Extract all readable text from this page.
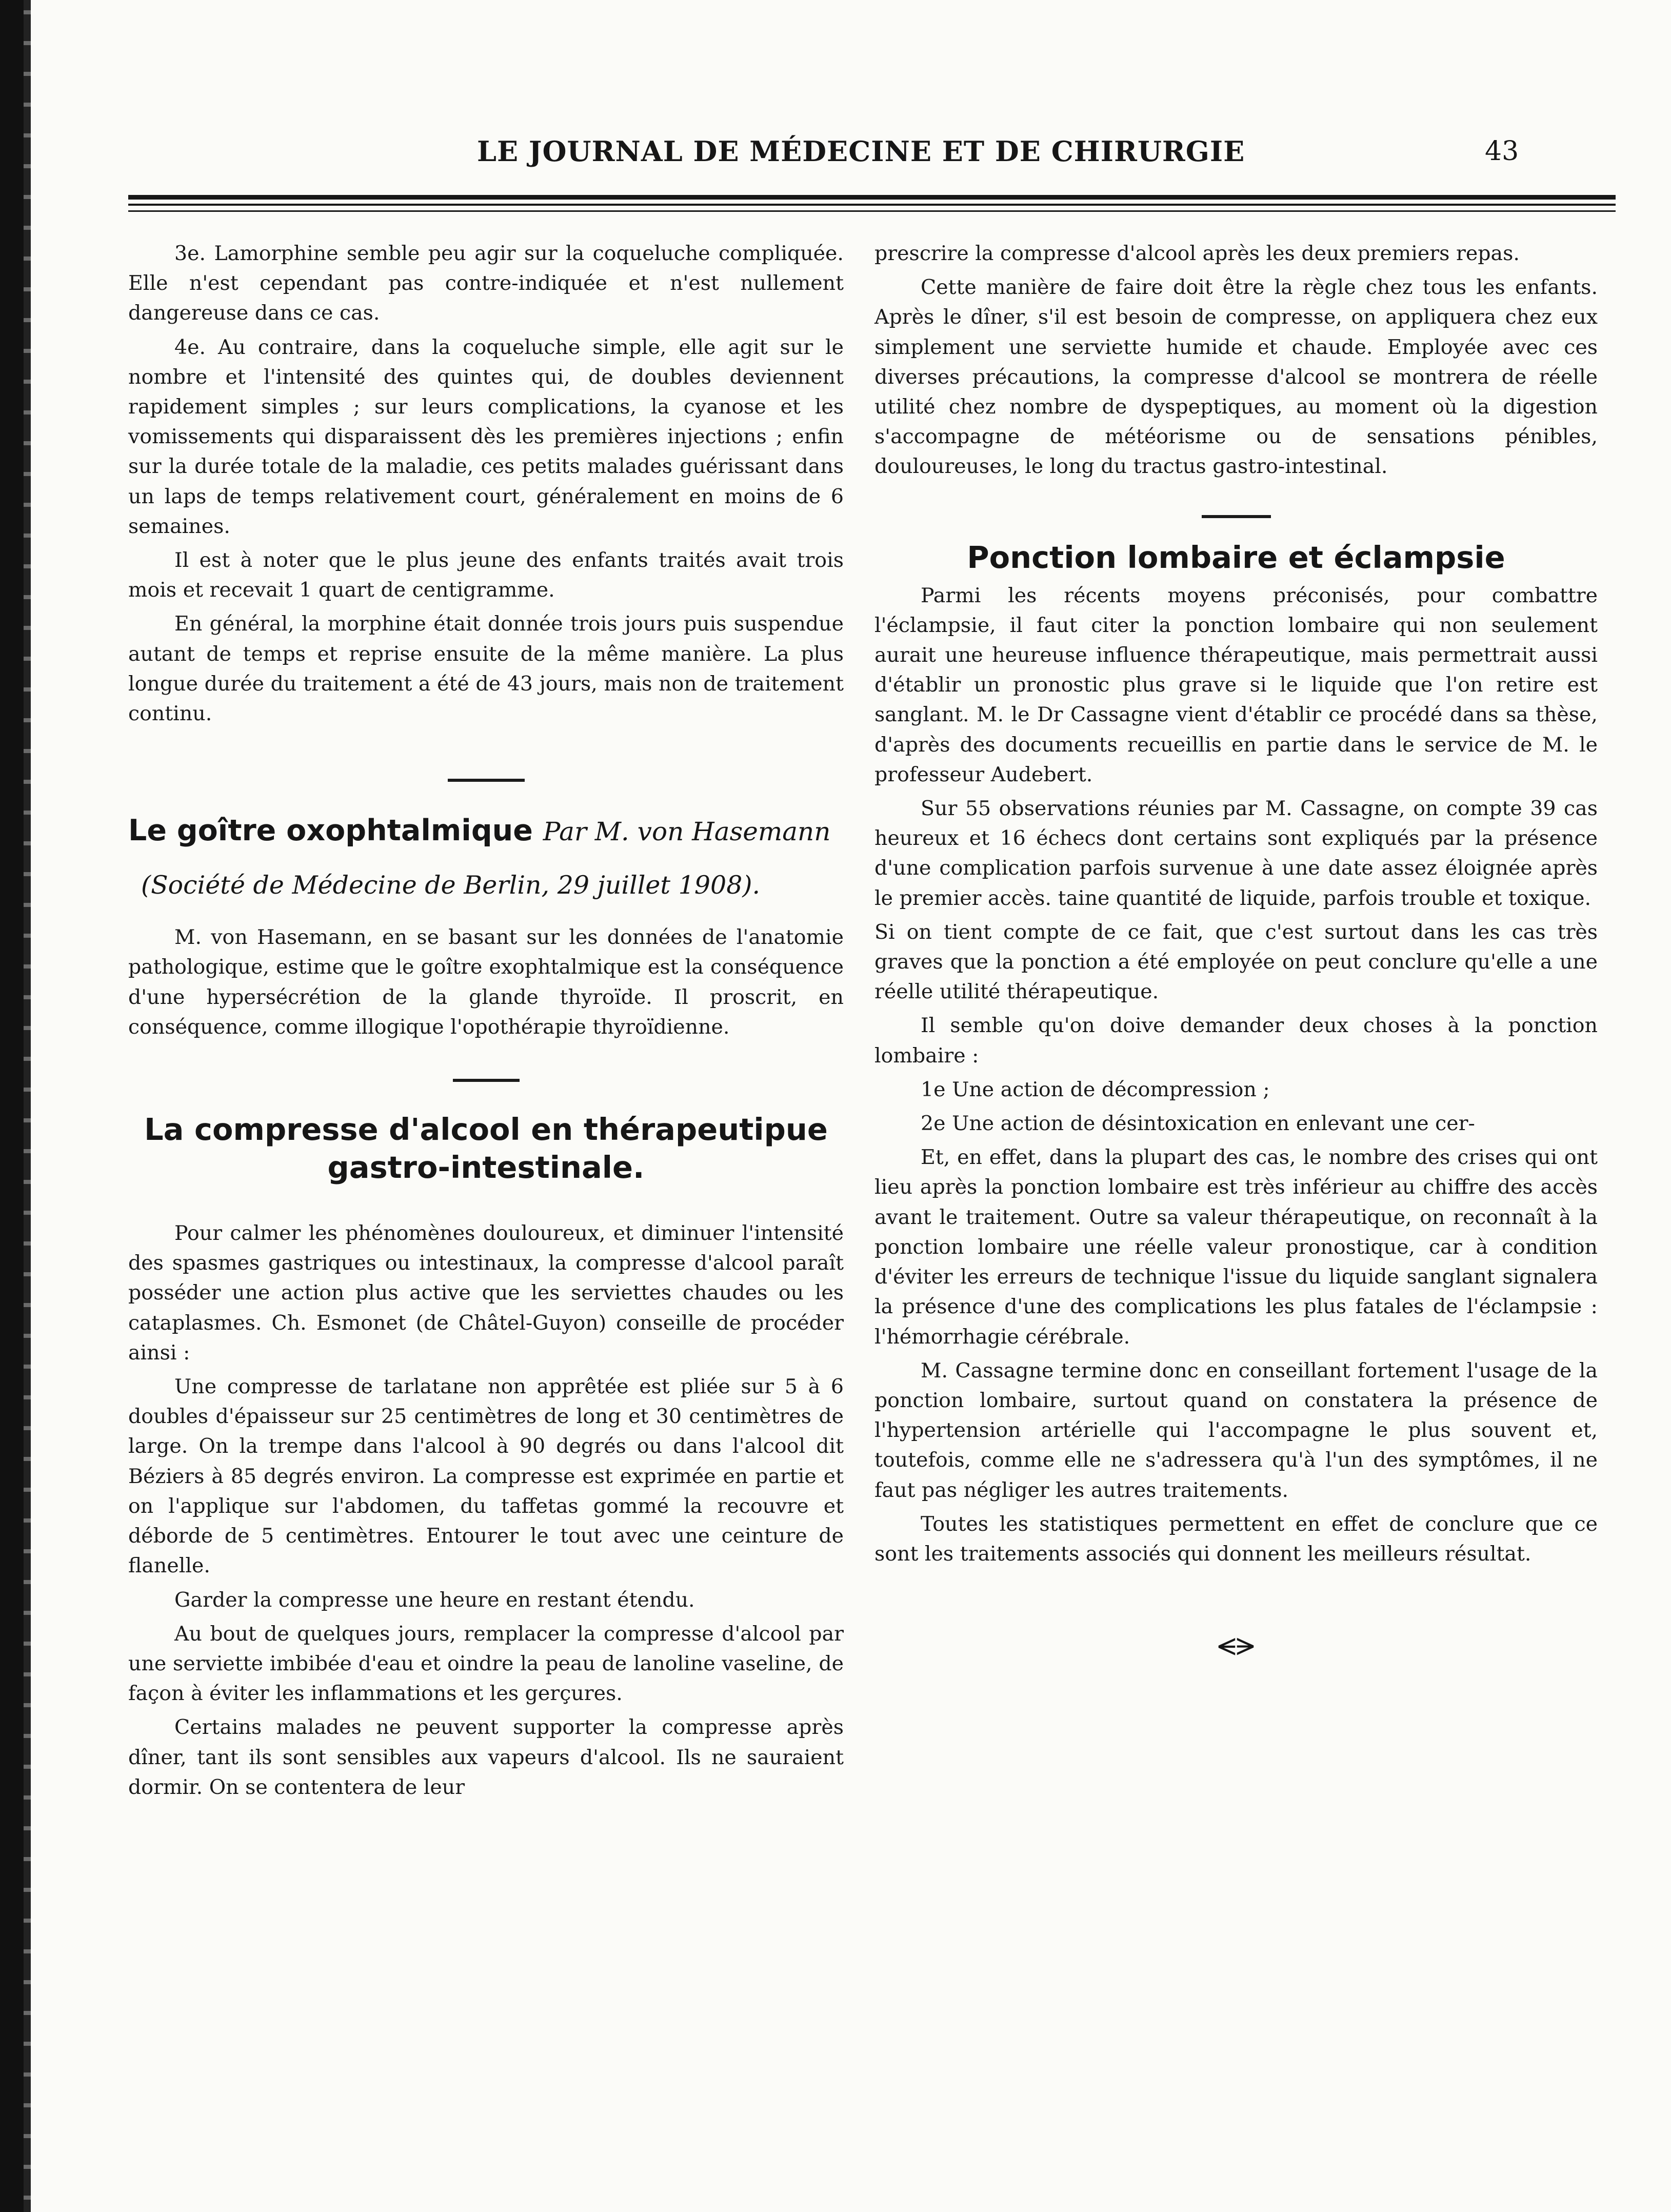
LE JOURNAL DE MÉDECINE ET DE CHIRURGIE	43

3e. Lamorphine semble peu agir sur la coqueluche compliquée. Elle n'est cependant pas contre-indiquée et n'est nullement dangereuse dans ce cas.

4e. Au contraire, dans la coqueluche simple, elle agit sur le nombre et l'intensité des quintes qui, de doubles deviennent rapidement simples ; sur leurs complications, la cyanose et les vomissements qui disparaissent dès les premières injections ; enfin sur la durée totale de la maladie, ces petits malades guérissant dans un laps de temps relativement court, généralement en moins de 6 semaines.

Il est à noter que le plus jeune des enfants traités avait trois mois et recevait 1 quart de centigramme.

En général, la morphine était donnée trois jours puis suspendue autant de temps et reprise ensuite de la même manière. La plus longue durée du traitement a été de 43 jours, mais non de traitement continu.

Le goître oxophtalmique Par M. von Hasemann
(Société de Médecine de Berlin, 29 juillet 1908).

M. von Hasemann, en se basant sur les données de l'anatomie pathologique, estime que le goître exophtalmique est la conséquence d'une hypersécrétion de la glande thyroïde. Il proscrit, en conséquence, comme illogique l'opothérapie thyroïdienne.

La compresse d'alcool en thérapeutipue
gastro-intestinale.

Pour calmer les phénomènes douloureux, et diminuer l'intensité des spasmes gastriques ou intestinaux, la compresse d'alcool paraît posséder une action plus active que les serviettes chaudes ou les cataplasmes. Ch. Esmonet (de Châtel-Guyon) conseille de procéder ainsi :

Une compresse de tarlatane non apprêtée est pliée sur 5 à 6 doubles d'épaisseur sur 25 centimètres de long et 30 centimètres de large. On la trempe dans l'alcool à 90 degrés ou dans l'alcool dit Béziers à 85 degrés environ. La compresse est exprimée en partie et on l'applique sur l'abdomen, du taffetas gommé la recouvre et déborde de 5 centimètres. Entourer le tout avec une ceinture de flanelle.

Garder la compresse une heure en restant étendu.

Au bout de quelques jours, remplacer la compresse d'alcool par une serviette imbibée d'eau et oindre la peau de lanoline vaseline, de façon à éviter les inflammations et les gerçures.

Certains malades ne peuvent supporter la compresse après dîner, tant ils sont sensibles aux vapeurs d'alcool. Ils ne sauraient dormir. On se contentera de leur

prescrire la compresse d'alcool après les deux premiers repas.

Cette manière de faire doit être la règle chez tous les enfants. Après le dîner, s'il est besoin de compresse, on appliquera chez eux simplement une serviette humide et chaude. Employée avec ces diverses précautions, la compresse d'alcool se montrera de réelle utilité chez nombre de dyspeptiques, au moment où la digestion s'accompagne de météorisme ou de sensations pénibles, douloureuses, le long du tractus gastro-intestinal.

Ponction lombaire et éclampsie

Parmi les récents moyens préconisés, pour combattre l'éclampsie, il faut citer la ponction lombaire qui non seulement aurait une heureuse influence thérapeutique, mais permettrait aussi d'établir un pronostic plus grave si le liquide que l'on retire est sanglant. M. le Dr Cassagne vient d'établir ce procédé dans sa thèse, d'après des documents recueillis en partie dans le service de M. le professeur Audebert.

Sur 55 observations réunies par M. Cassagne, on compte 39 cas heureux et 16 échecs dont certains sont expliqués par la présence d'une complication parfois survenue à une date assez éloignée après le premier accès. taine quantité de liquide, parfois trouble et toxique.

Si on tient compte de ce fait, que c'est surtout dans les cas très graves que la ponction a été employée on peut conclure qu'elle a une réelle utilité thérapeutique.

Il semble qu'on doive demander deux choses à la ponction lombaire :

1e Une action de décompression ;

2e Une action de désintoxication en enlevant une cer-

Et, en effet, dans la plupart des cas, le nombre des crises qui ont lieu après la ponction lombaire est très inférieur au chiffre des accès avant le traitement. Outre sa valeur thérapeutique, on reconnaît à la ponction lombaire une réelle valeur pronostique, car à condition d'éviter les erreurs de technique l'issue du liquide sanglant signalera la présence d'une des complications les plus fatales de l'éclampsie : l'hémorrhagie cérébrale.

M. Cassagne termine donc en conseillant fortement l'usage de la ponction lombaire, surtout quand on constatera la présence de l'hypertension artérielle qui l'accompagne le plus souvent et, toutefois, comme elle ne s'adressera qu'à l'un des symptômes, il ne faut pas négliger les autres traitements.

Toutes les statistiques permettent en effet de conclure que ce sont les traitements associés qui donnent les meilleurs résultat.

⪪⪫
